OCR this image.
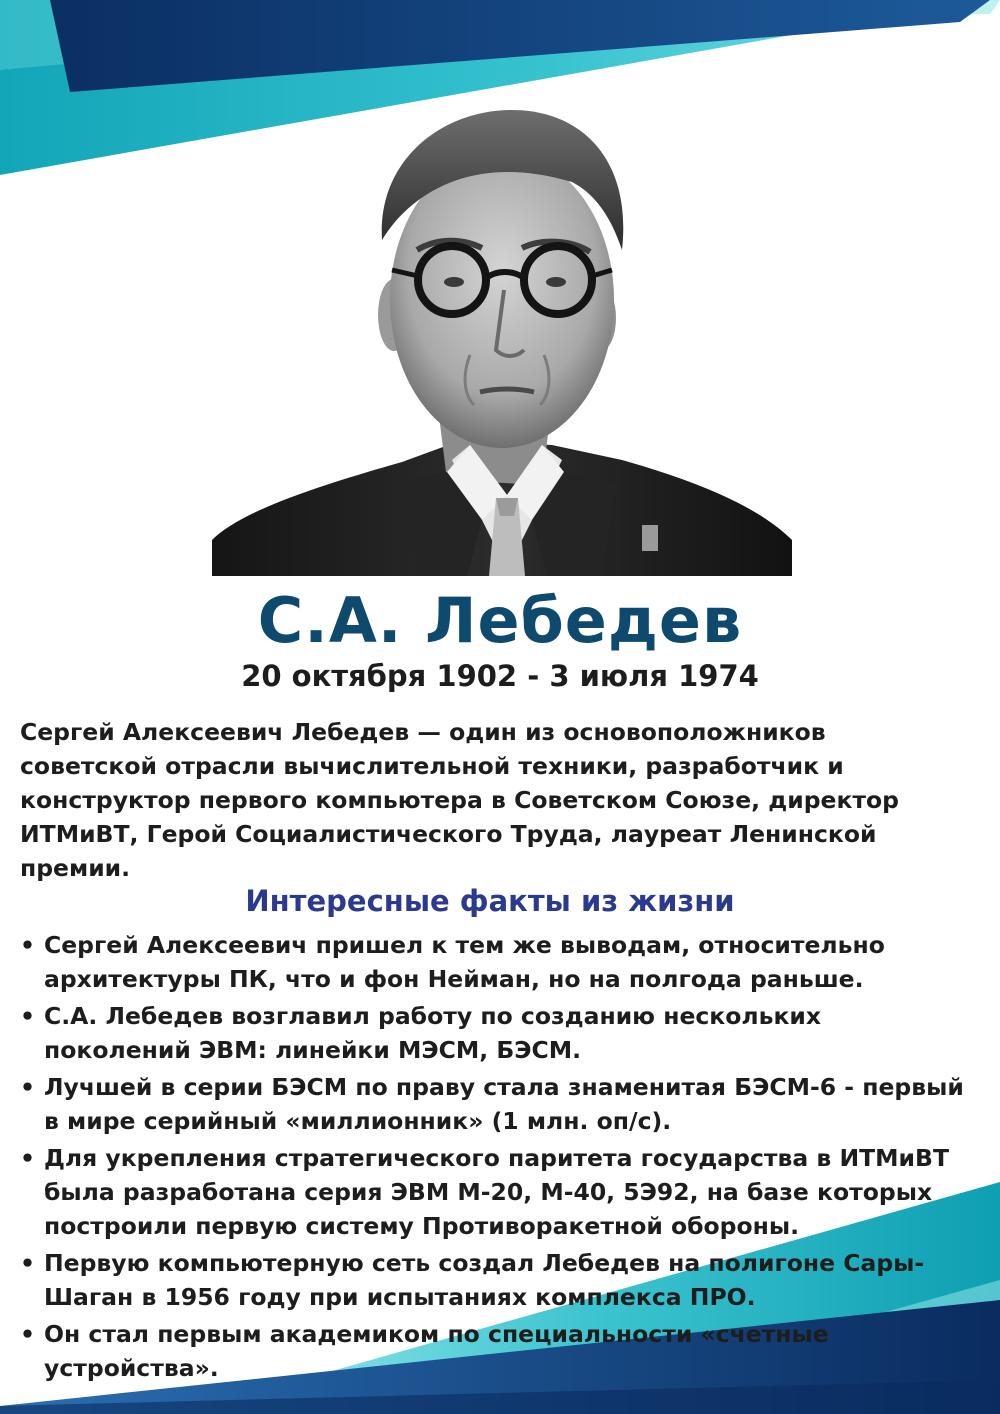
С.А. Лебедев

20 октября 1902 - 3 июля 1974

Сергей Алексеевич Лебедев — один из основоположников советской отрасли вычислительной техники, разработчик и конструктор первого компьютера в Советском Союзе, директор ИТМиВТ, Герой Социалистического Труда, лауреат Ленинской премии.

Интересные факты из жизни
• Сергей Алексеевич пришел к тем же выводам, относительно архитектуры ПК, что и фон Нейман, но на полгода раньше.
• С.А. Лебедев возглавил работу по созданию нескольких поколений ЭВМ: линейки МЭСМ, БЭСМ.
• Лучшей в серии БЭСМ по праву стала знаменитая БЭСМ-6 - первый в мире серийный «миллионник» (1 млн. оп/с).
• Для укрепления стратегического паритета государства в ИТМиВТ была разработана серия ЭВМ М-20, М-40, 5Э92, на базе которых построили первую систему Противоракетной обороны.
• Первую компьютерную сеть создал Лебедев на полигоне Сары-Шаган в 1956 году при испытаниях комплекса ПРО.
• Он стал первым академиком по специальности «счетные устройства».
